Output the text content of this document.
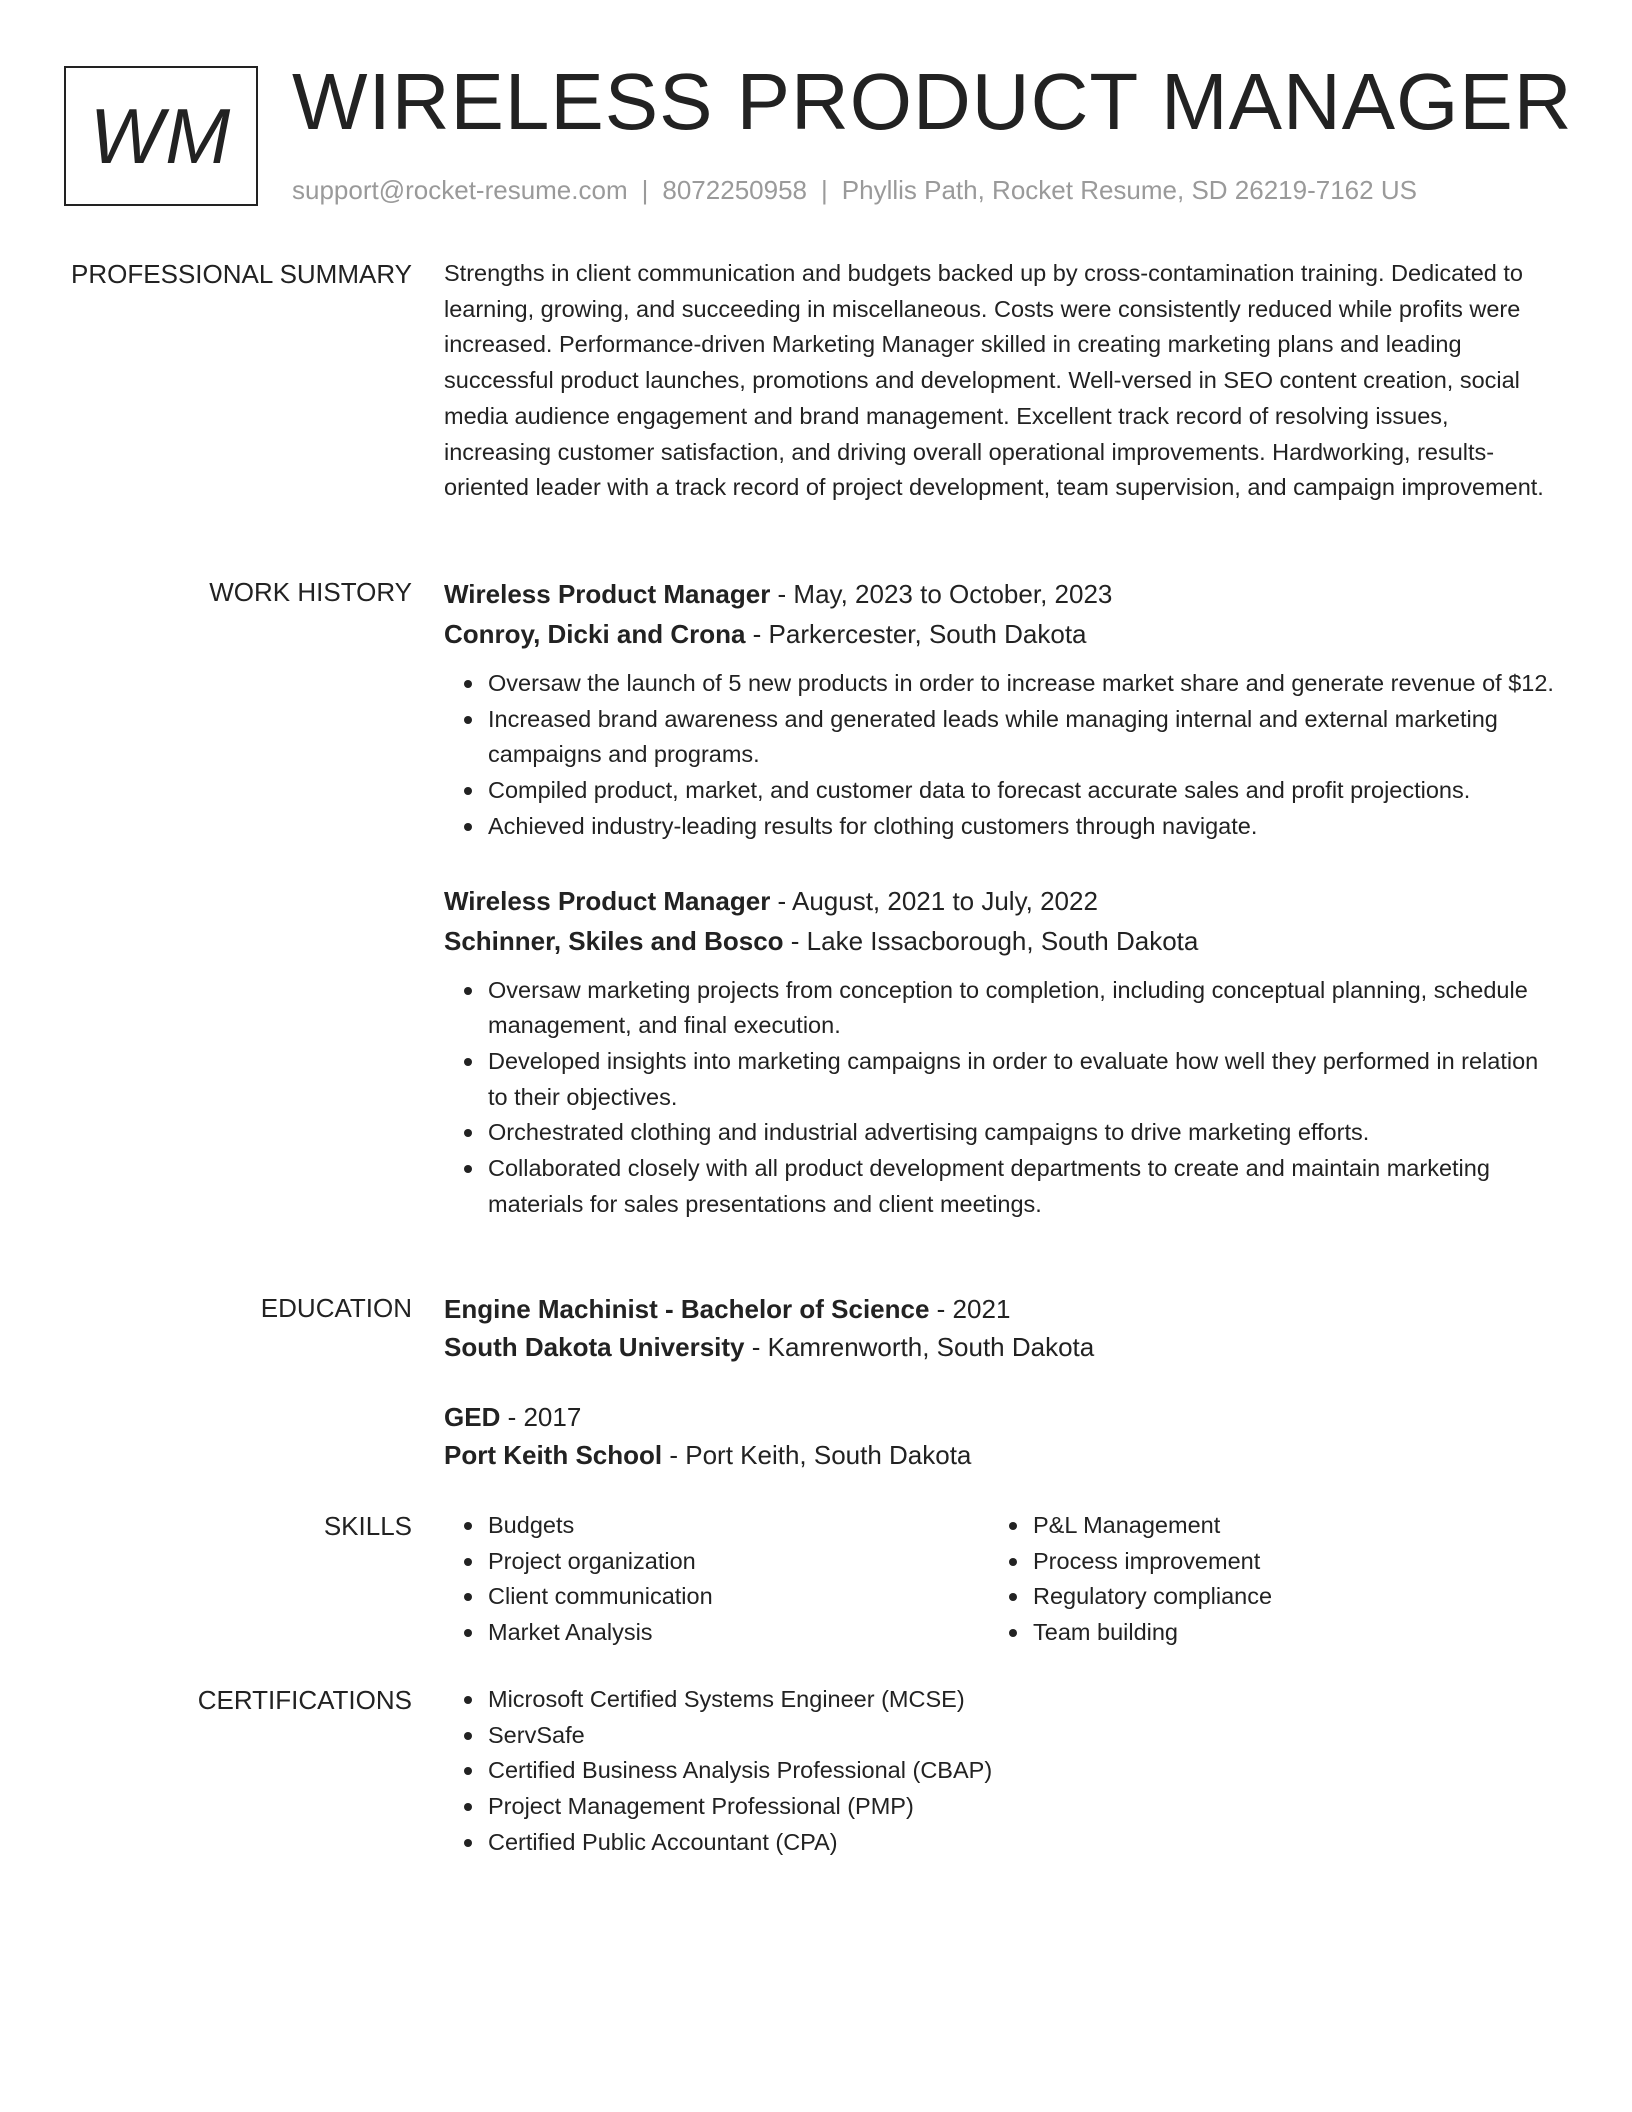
WM WIRELESS PRODUCT MANAGER
support@rocket-resume.com | 8072250958 | Phyllis Path, Rocket Resume, SD 26219-7162 US
PROFESSIONAL SUMMARY Strengths in client communication and budgets backed up by cross-contamination training. Dedicated to learning, growing, and succeeding in miscellaneous. Costs were consistently reduced while profits were increased. Performance-driven Marketing Manager skilled in creating marketing plans and leading successful product launches, promotions and development. Well-versed in SEO content creation, social media audience engagement and brand management. Excellent track record of resolving issues, increasing customer satisfaction, and driving overall operational improvements. Hardworking, results-oriented leader with a track record of project development, team supervision, and campaign improvement.

WORK HISTORY Wireless Product Manager - May, 2023 to October, 2023
Conroy, Dicki and Crona - Parkercester, South Dakota
Oversaw the launch of 5 new products in order to increase market share and generate revenue of $12.
Increased brand awareness and generated leads while managing internal and external marketing campaigns and programs.
Compiled product, market, and customer data to forecast accurate sales and profit projections.
Achieved industry-leading results for clothing customers through navigate.
Wireless Product Manager - August, 2021 to July, 2022
Schinner, Skiles and Bosco - Lake Issacborough, South Dakota
Oversaw marketing projects from conception to completion, including conceptual planning, schedule management, and final execution.
Developed insights into marketing campaigns in order to evaluate how well they performed in relation to their objectives.
Orchestrated clothing and industrial advertising campaigns to drive marketing efforts.
Collaborated closely with all product development departments to create and maintain marketing materials for sales presentations and client meetings.
EDUCATION Engine Machinist - Bachelor of Science - 2021
South Dakota University - Kamrenworth, South Dakota
GED - 2017
Port Keith School - Port Keith, South Dakota
SKILLS	Budgets
Project organization
Client communication
Market Analysis
P&L Management
Process improvement
Regulatory compliance
Team building
CERTIFICATIONS	Microsoft Certified Systems Engineer (MCSE)
ServSafe
Certified Business Analysis Professional (CBAP)
Project Management Professional (PMP)
Certified Public Accountant (CPA)
